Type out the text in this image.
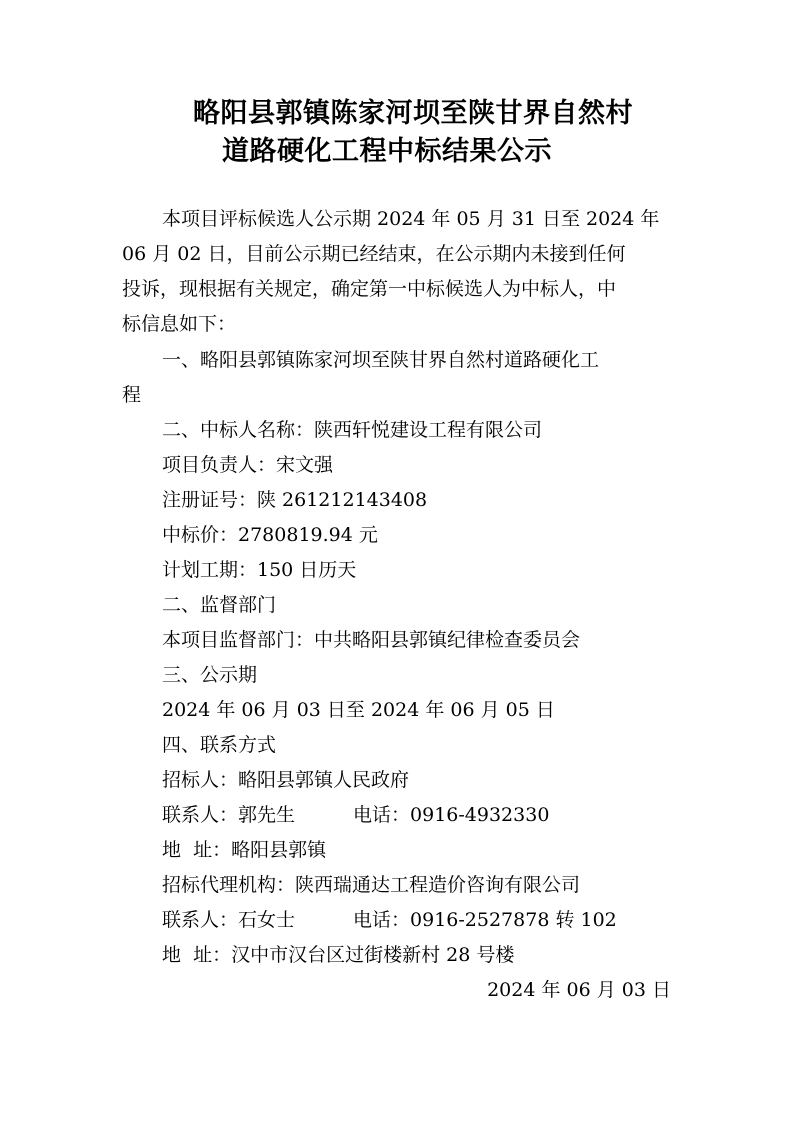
略阳县郭镇陈家河坝至陕甘界自然村
道路硬化工程中标结果公示
本项目评标候选人公示期 2024 年 05 月 31 日至 2024 年
06 月 02 日，目前公示期已经结束，在公示期内未接到任何
投诉，现根据有关规定，确定第一中标候选人为中标人，中
标信息如下：
一、略阳县郭镇陈家河坝至陕甘界自然村道路硬化工
程
二、中标人名称：陕西轩悦建设工程有限公司
项目负责人：宋文强
注册证号：陕 261212143408
中标价：2780819.94 元
计划工期：150 日历天
二、监督部门
本项目监督部门：中共略阳县郭镇纪律检查委员会
三、公示期
2024 年 06 月 03 日至 2024 年 06 月 05 日
四、联系方式
招标人：略阳县郭镇人民政府
联系人：郭先生	电话：0916-4932330
地  址：略阳县郭镇
招标代理机构：陕西瑞通达工程造价咨询有限公司
联系人：石女士	电话：0916-2527878 转 102
地  址：汉中市汉台区过街楼新村 28 号楼
2024 年 06 月 03 日
